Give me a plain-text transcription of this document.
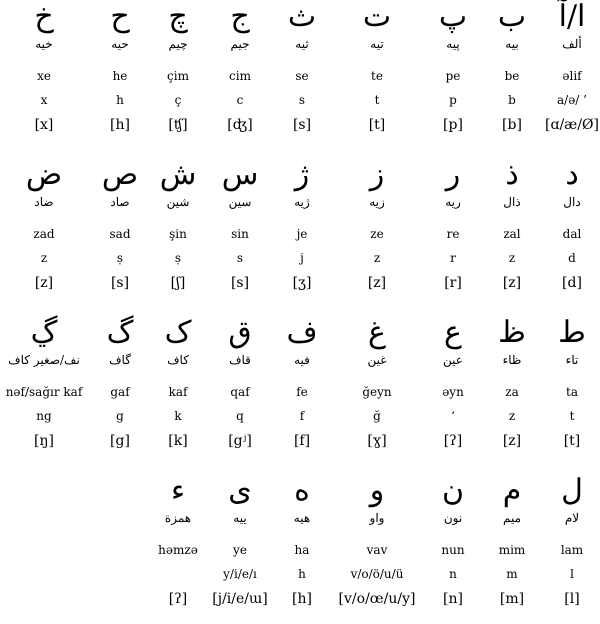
ا/آ
ألف
əlif
a/ə/ ’
[ɑ/æ/Ø]
ب
بيه
be
b
[b]
پ
پيه
pe
p
[p]
ت
تيه
te
t
[t]
ث
ثيه
se
s
[s]
ج
جيم
cim
c
[ʤ]
چ
چيم
çim
ç
[ʧ]
ح
حيه
he
h
[h]
خ
خيه
xe
x
[x]
د
دال
dal
d
[d]
ذ
ذال
zal
z
[z]
ر
ريه
re
r
[r]
ز
زيه
ze
z
[z]
ژ
ژيه
je
j
[ʒ]
س
سين
sin
s
[s]
ش
شين
şin
ṣ
[ʃ]
ص
صاد
sad
ṣ
[s]
ض
ضاد
zad
z
[z]
ط
تاء
ta
t
[t]
ظ
ظاء
za
z
[z]
ع
عين
əyn
‘
[ʔ]
غ
غين
ğeyn
ğ
[ɣ]
ف
فيه
fe
f
[f]
ق
قاف
qaf
q
[gʲ]
ک
كاف
kaf
k
[k]
گ
گاف
gaf
g
[g]
ڲ
نف/صغير كاف
nəf/sağır kaf
ng
[ŋ]
ل
لام
lam
l
[l]
م
ميم
mim
m
[m]
ن
نون
nun
n
[n]
و
واو
vav
v/o/ö/u/ü
[v/o/œ/u/y]
ه
هيه
ha
h
[h]
ى
ييه
ye
y/i/e/ı
[j/i/e/ɯ]
ء
همزة
həmzə
[ʔ]
